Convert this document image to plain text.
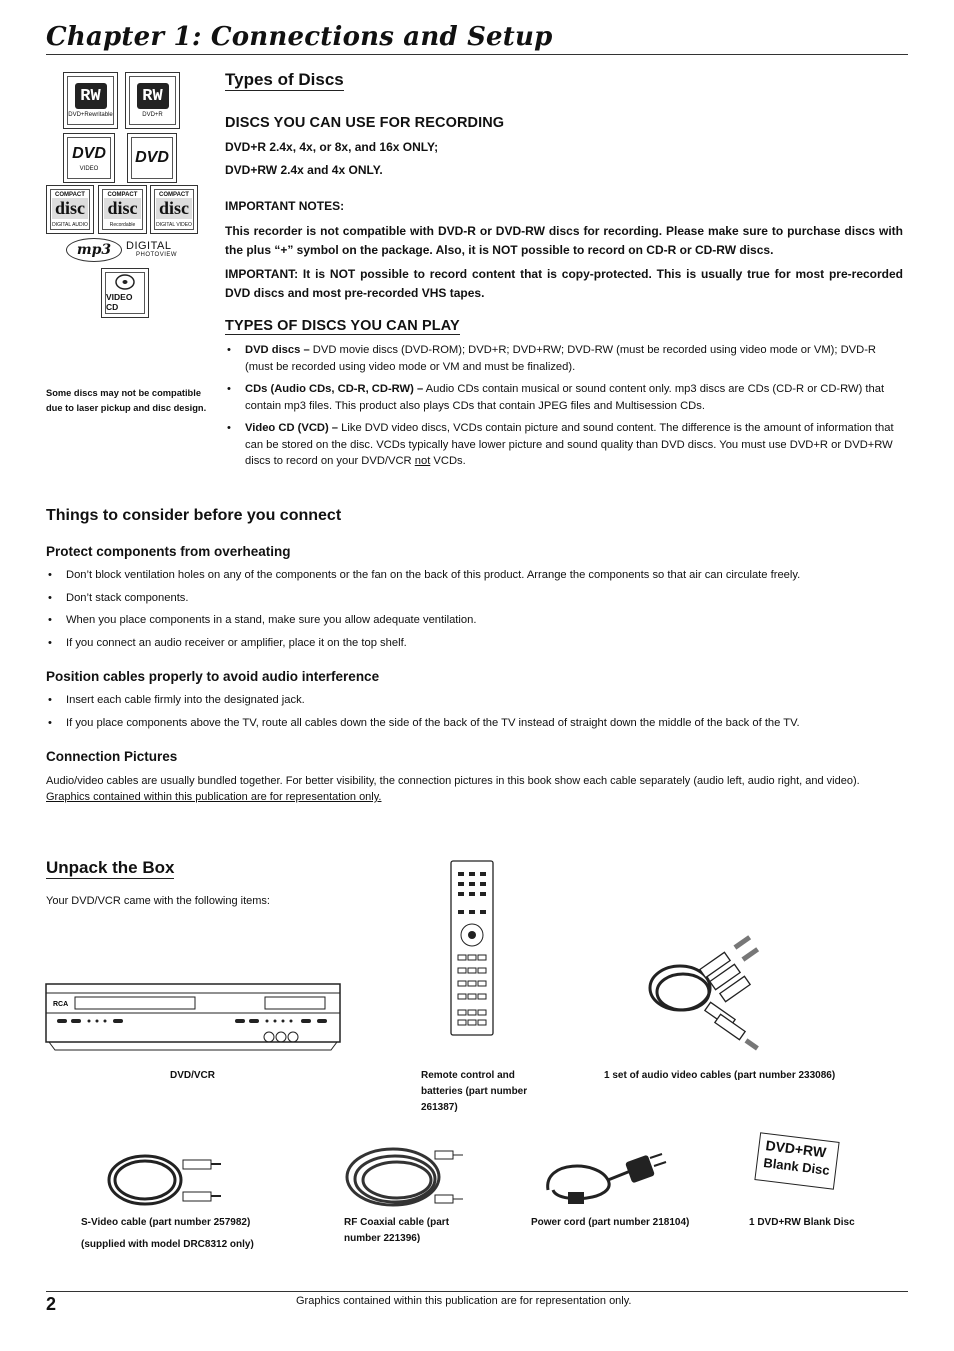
Chapter 1: Connections and Setup
RW
DVD+Rewritable
RW
DVD+R
DVD
VIDEO
DVD
COMPACT
disc
DIGITAL AUDIO
COMPACT
disc
Recordable
COMPACT
disc
DIGITAL VIDEO
mp3	DIGITAL
PHOTOVIEW
VIDEO CD
Some discs may not be compatible due to laser pickup and disc design.
Types of Discs
DISCS YOU CAN USE FOR RECORDING
DVD+R 2.4x, 4x, or 8x, and 16x ONLY;
DVD+RW 2.4x and 4x ONLY.
IMPORTANT NOTES:
This recorder is not compatible with DVD-R or DVD-RW discs for recording. Please make sure to purchase discs with the plus “+” symbol on the package. Also, it is NOT possible to record on CD-R or CD-RW discs.
IMPORTANT: It is NOT possible to record content that is copy-protected. This is usually true for most pre-recorded DVD discs and most pre-recorded VHS tapes.
TYPES OF DISCS YOU CAN PLAY
• DVD discs – DVD movie discs (DVD-ROM); DVD+R; DVD+RW; DVD-RW (must be recorded using video mode or VM); DVD-R (must be recorded using video mode or VM and must be finalized).
• CDs (Audio CDs, CD-R, CD-RW) – Audio CDs contain musical or sound content only. mp3 discs are CDs (CD-R or CD-RW) that contain mp3 files. This product also plays CDs that contain JPEG files and Multisession CDs.
• Video CD (VCD) – Like DVD video discs, VCDs contain picture and sound content. The difference is the amount of information that can be stored on the disc. VCDs typically have lower picture and sound quality than DVD discs. You must use DVD+R or DVD+RW discs to record on your DVD/VCR not VCDs.
Things to consider before you connect
Protect components from overheating
• Don’t block ventilation holes on any of the components or the fan on the back of this product. Arrange the components so that air can circulate freely.
• Don’t stack components.
• When you place components in a stand, make sure you allow adequate ventilation.
• If you connect an audio receiver or amplifier, place it on the top shelf.
Position cables properly to avoid audio interference
• Insert each cable firmly into the designated jack.
• If you place components above the TV, route all cables down the side of the back of the TV instead of straight down the middle of the back of the TV.
Connection Pictures
Audio/video cables are usually bundled together. For better visibility, the connection pictures in this book show each cable separately (audio left, audio right, and video).
Graphics contained within this publication are for representation only.
Unpack the Box
Your DVD/VCR came with the following items:
RCA
DVD/VCR	Remote control and batteries (part number 261387)
1 set of audio video cables (part number 233086)
DVD+RW
Blank Disc
S-Video cable (part number 257982)
(supplied with model DRC8312 only)
RF Coaxial cable (part number 221396)
Power cord (part number 218104)	1 DVD+RW Blank Disc
2	Graphics contained within this publication are for representation only.
